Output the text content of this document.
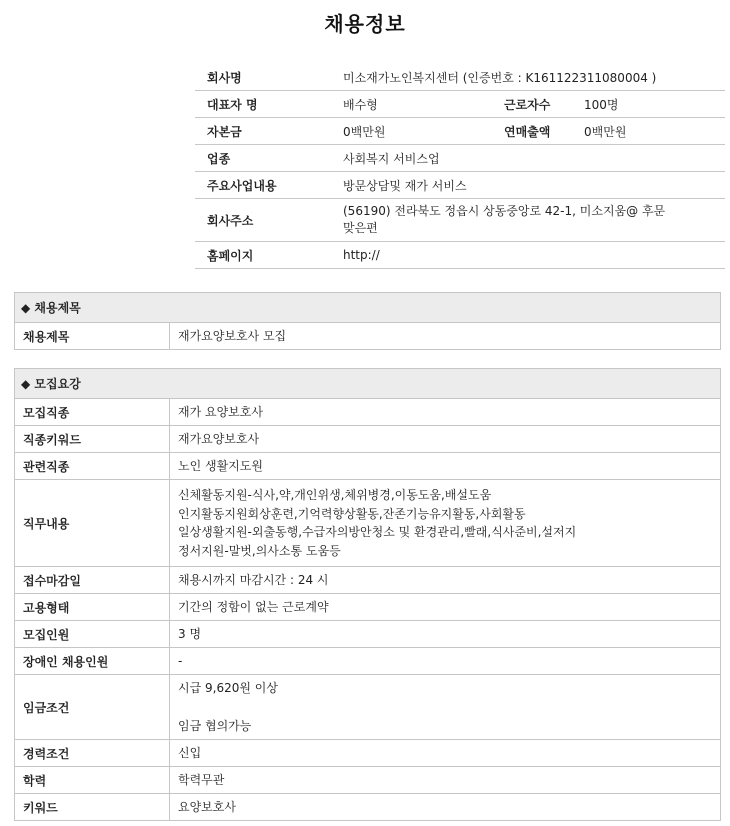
채용정보
회사명	미소재가노인복지센터 (인증번호 : K161122311080004 )		
대표자 명	배수형	근로자수	100명
자본금	0백만원	연매출액	0백만원
업종	사회복지 서비스업		
주요사업내용	방문상담및 재가 서비스		
회사주소	(56190) 전라북도 정읍시 상동중앙로 42-1, 미소지움@ 후문
맞은편		
홈페이지	http://		
◆ 채용제목
채용제목	재가요양보호사 모집
◆ 모집요강	
모집직종	재가 요양보호사
직종키워드	재가요양보호사
관련직종	노인 생활지도원
직무내용	신체활동지원-식사,약,개인위생,체위병경,이동도움,배설도움
인지활동지원회상훈련,기억력향상활동,잔존기능유지활동,사회활동
일상생활지원-외출동행,수급자의방안청소 및 환경관리,빨래,식사준비,설저지
정서지원-말벗,의사소통 도움등

접수마감일	채용시까지 마감시간 : 24 시
고용형태	기간의 정함이 없는 근로계약
모집인원	3 명
장애인 채용인원	-
임금조건	시급 9,620원 이상
임금 협의가능

경력조건	신입
학력	학력무관
키워드	요양보호사
